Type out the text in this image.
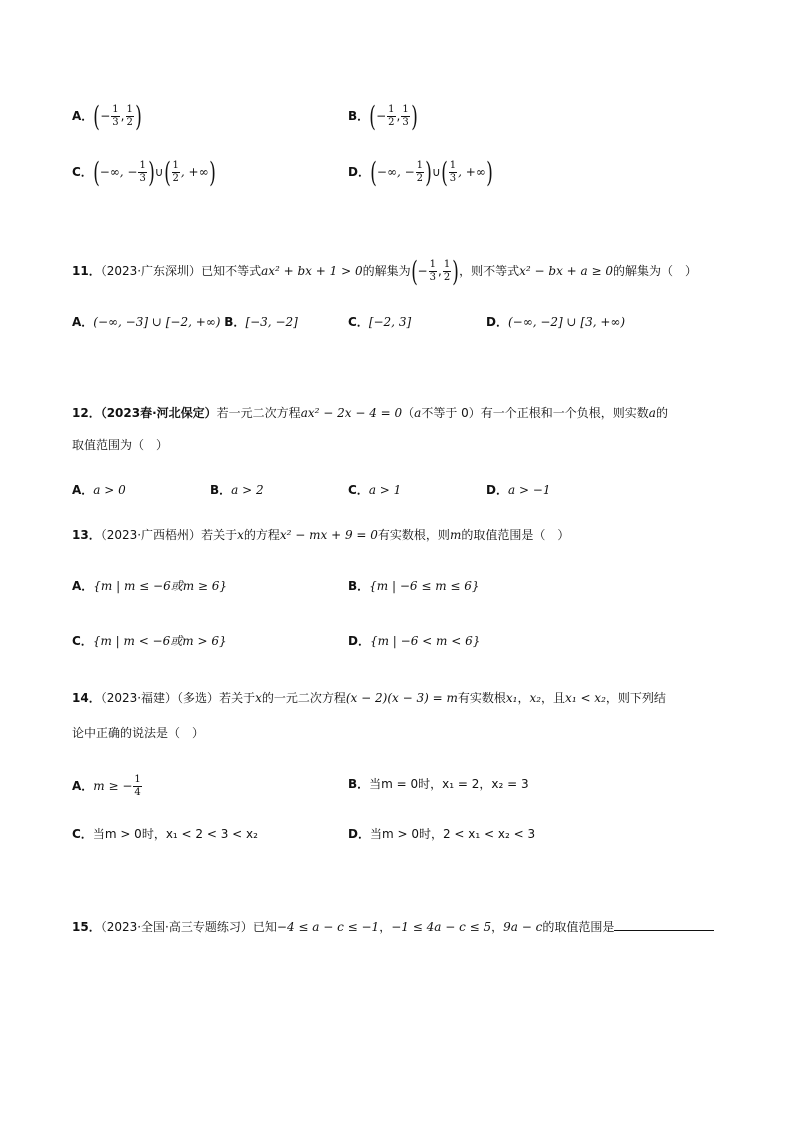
A．(− $\frac{1}{3}$ , $\frac{1}{2}$ )	B．(− $\frac{1}{2}$ , $\frac{1}{3}$ )
C．(−∞, − $\frac{1}{3}$ )∪( $\frac{1}{2}$ , +∞)	D．(−∞, − $\frac{1}{2}$ )∪( $\frac{1}{3}$ , +∞)
11．（2023·广东深圳）已知不等式ax² + bx + 1 > 0的解集为(− $\frac{1}{3}$ , $\frac{1}{2}$ )，则不等式x² − bx + a ≥ 0的解集为（　）
A．(−∞, −3] ∪ [−2, +∞) B．[−3, −2]	C．[−2, 3]	D．(−∞, −2] ∪ [3, +∞)
12．（2023春·河北保定）若一元二次方程ax² − 2x − 4 = 0（a不等于 0）有一个正根和一个负根，则实数a的
取值范围为（　）
A．a > 0	B．a > 2	C．a > 1	D．a > −1
13．（2023·广西梧州）若关于x的方程x² − mx + 9 = 0有实数根，则m的取值范围是（　）
A．{m | m ≤ −6或m ≥ 6}	B．{m | −6 ≤ m ≤ 6}
C．{m | m < −6或m > 6}	D．{m | −6 < m < 6}
14．（2023·福建）（多选）若关于x的一元二次方程(x − 2)(x − 3) = m有实数根x₁，x₂，且x₁ < x₂，则下列结
论中正确的说法是（　）
A．m ≥ − $\frac{1}{4}$	B．当m = 0时，x₁ = 2，x₂ = 3
C．当m > 0时，x₁ < 2 < 3 < x₂	D．当m > 0时，2 < x₁ < x₂ < 3
15．（2023·全国·高三专题练习）已知−4 ≤ a − c ≤ −1，−1 ≤ 4a − c ≤ 5，9a − c的取值范围是
